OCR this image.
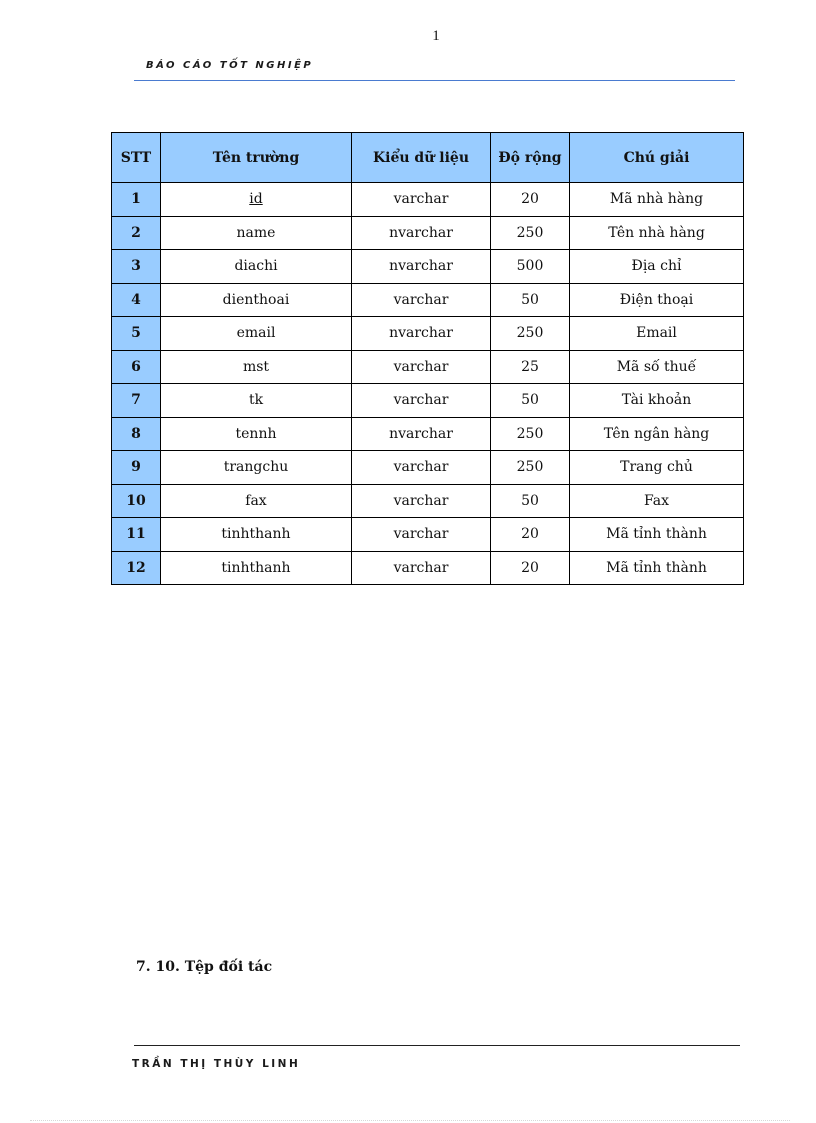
1
BÁO CÁO TỐT NGHIỆP
STT	Tên trường	Kiểu dữ liệu	Độ rộng	Chú giải
1	id	varchar	20	Mã nhà hàng
2	name	nvarchar	250	Tên nhà hàng
3	diachi	nvarchar	500	Địa chỉ
4	dienthoai	varchar	50	Điện thoại
5	email	nvarchar	250	Email
6	mst	varchar	25	Mã số thuế
7	tk	varchar	50	Tài khoản
8	tennh	nvarchar	250	Tên ngân hàng
9	trangchu	varchar	250	Trang chủ
10	fax	varchar	50	Fax
11	tinhthanh	varchar	20	Mã tỉnh thành
12	tinhthanh	varchar	20	Mã tỉnh thành
7. 10. Tệp đối tác
TRẦN THỊ THÙY LINH
